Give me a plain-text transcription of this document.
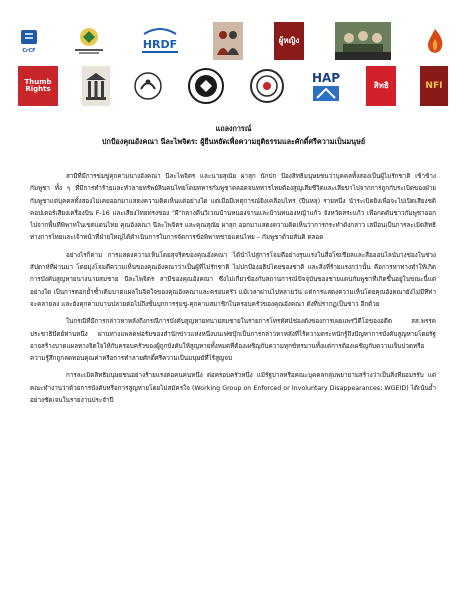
CrCF	HRDF	ผู้หญิง
Thumb Rights
HAP
สิทธิ	NFI
แถลงการณ์
ปกป้องคุณอังคณา นีละไพจิตร: ผู้ยืนหยัดเพื่อความยุติธรรมและศักดิ์ศรีความเป็นมนุษย์

สามีที่มีการข่มขู่คุกคามนางอังคณา นีละไพจิตร และนายสุณัย ผาสุก นักปก ป้องสิทธิมนุษยชนว่าบุคคลทั้งสองเป็นผู้ไม่รักชาติ เข้าข้างกัมพูชา ทั้ง ๆ ที่มีการทำร้ายและทำลายทรัพย์สินคนไทยโดยทหารกัมพูชาตลอดจนทหารไทยต้องสูญเสียชีวิตและเสียขาไปจากการถูกกับระเบิดของฝ่ายกัมพูชาแต่บุคคลทั้งสองไม่เคยออกมาแสดงความคิดเห็นแต่อย่างใด แต่เมื่อมีเหตุการณ์ยิงเคลือบไทร (ปืนหลุ) รายหนึ่ง นำระเบิดยิงเพื่อจะไปเปิดเสียงชดิคอปเตอร์เสียงเครื่องบิน F-16 และเสียงไทยทรงของ "ผี"กลางคืนวิเวณบ้านหนองจานและบ้านหนองหญ้าแก้ว จังหวัดสระแก้ว เพื่อกดดันชาวกัมพูชาออกไปจากพื้นที่พิพาทในเขตแดนไทย คุณอังคณา นีละไพจิตร และคุณสุณัย ผาสุก ออกมาแสดงความคิดเห็นว่าการกระทำดังกล่าว เสมือนเป็นการละเมิดสิทธิทางการไทยและเจ้าหน้าที่ฝ่ายใหญ่ได้ดำเนินการในการจัดการข้อพิพาทชายแดนไทย – กัมพูชาด้วยสันติ ตลอด

อย่างไรก็ตาม การแสดงความเห็นโดยสุจริตของคุณอังคณา ได้นำไปสู่การโจมตีอย่างรุนแรงในสื่อโซเชียลและสื่อออนไลน์บางช่องในช่วงสัปดาห์ที่ผ่านมา โดยมุ่งโจมตีความเห็นของคุณอังคณาว่าเป็นผู้ที่ไม่รักชาติ ไม่ปกป้องอธิปไตยของชาติ และสิ่งที่ร้ายแรงกว่านั้น คือการหาทางทำให้เกิดการบังคับสูญหายนางนายสมชาย นีละไพจิตร สามีของคุณอังคณา ซึ่งไม่เกี่ยวข้องกับสถานการณ์ปัจจุบันของชายแดนกัมพูชาที่เกิดขึ้นอยู่ในขณะนี้แต่อย่างใด เป็นการตอกย้ำซ้ำเติมบาดแผลในจิตใจของคุณอังคณาและครอบครัว แม้เวลาผ่านไปหลายวัน แต่การแสดงความเห็นโดยคุณอังคณายังไม่มีทีท่าจะคลายลง และยังคุกคามบานปลายต่อไปถึงขั้นบุกการรุมขู่-คุกคามสมาชิกในครอบครัวของคุณอังคณา ดังที่ปรากฏเป็นข่าว อีกด้วย

ในกรณีที่มีการกล่าวหาหลังถึงกรณีการบังคับสูญหายทนายสมชายในรายการโทรทัศน์ช่องดังของการเผยแพร่วิดีโอของอดีต สส.พรรคประชาธิปัตย์ท่านหนึ่ง ผ่านทางแพลตฟอร์มของสำนักข่าวแห่งหนึ่งบนเฟซบุ๊กเป็นการกล่าวหาหลังที่ไร้ความตระหนักรู้ถึงปัญหาการบังคับสูญหายโดยรัฐ อาจสร้างบาดแผลทางจิตใจให้กับครอบครัวของผู้ถูกบังคับให้สูญหายทั้งหมดที่ต้องเผชิญกับความทุกข์ทรมานทั้งแต่การต้องเผชิญกับความเจ็บปวดหรือความรู้สึกถูกลดทอนคุณค่าหรือการทำลายศักดิ์ศรีความเป็นมนุษย์ที่ไร้สูญจบ

การละเมิดสิทธิมนุษยชนอย่างร้ายแรงต่อคนคนหนึ่ง ต่อครอบครัวหนึ่ง แม้รัฐบาลหรือคณะบุคคลกลุ่มพยายามสร้างว่าเป็นสิ่งที่ยอมรรับ แต่คณะทำงานว่าด้วยการบังคับหรือการสูญหายโดยไม่สมัครใจ (Working Group on Enforced or Involuntary Disappearances; WGEID) ได้เน้นย้ำอย่างชัดเจนในรายงานประจำปี
